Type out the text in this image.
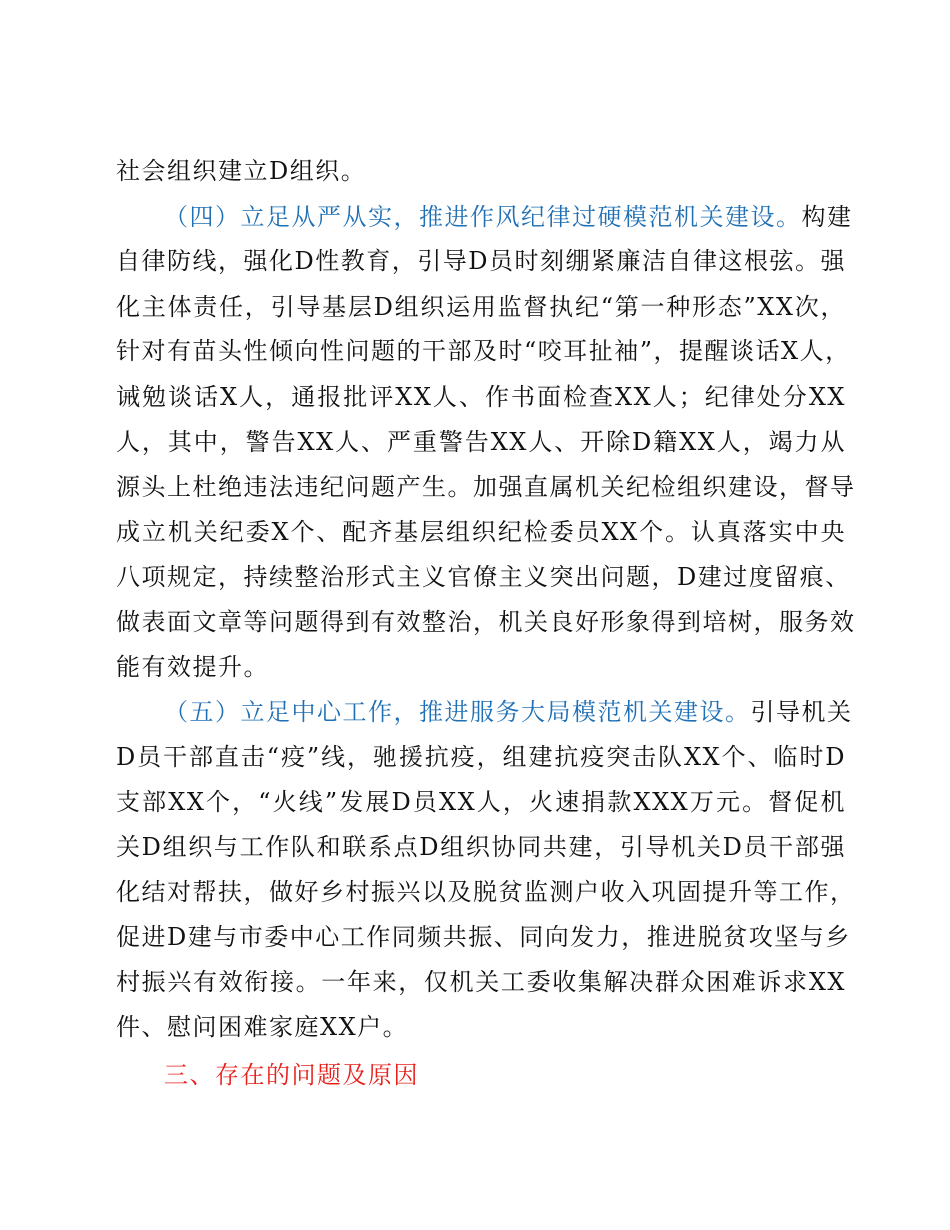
社会组织建立D组织。
（四）立足从严从实，推进作风纪律过硬模范机关建设。构建
自律防线，强化D性教育，引导D员时刻绷紧廉洁自律这根弦。强
化主体责任，引导基层D组织运用监督执纪“第一种形态”XX次，
针对有苗头性倾向性问题的干部及时“咬耳扯袖”，提醒谈话X人，
诫勉谈话X人，通报批评XX人、作书面检查XX人；纪律处分XX
人，其中，警告XX人、严重警告XX人、开除D籍XX人，竭力从
源头上杜绝违法违纪问题产生。加强直属机关纪检组织建设，督导
成立机关纪委X个、配齐基层组织纪检委员XX个。认真落实中央
八项规定，持续整治形式主义官僚主义突出问题，D建过度留痕、
做表面文章等问题得到有效整治，机关良好形象得到培树，服务效
能有效提升。
（五）立足中心工作，推进服务大局模范机关建设。引导机关
D员干部直击“疫”线，驰援抗疫，组建抗疫突击队XX个、临时D
支部XX个，“火线”发展D员XX人，火速捐款XXX万元。督促机
关D组织与工作队和联系点D组织协同共建，引导机关D员干部强
化结对帮扶，做好乡村振兴以及脱贫监测户收入巩固提升等工作，
促进D建与市委中心工作同频共振、同向发力，推进脱贫攻坚与乡
村振兴有效衔接。一年来，仅机关工委收集解决群众困难诉求XX
件、慰问困难家庭XX户。
三、存在的问题及原因
